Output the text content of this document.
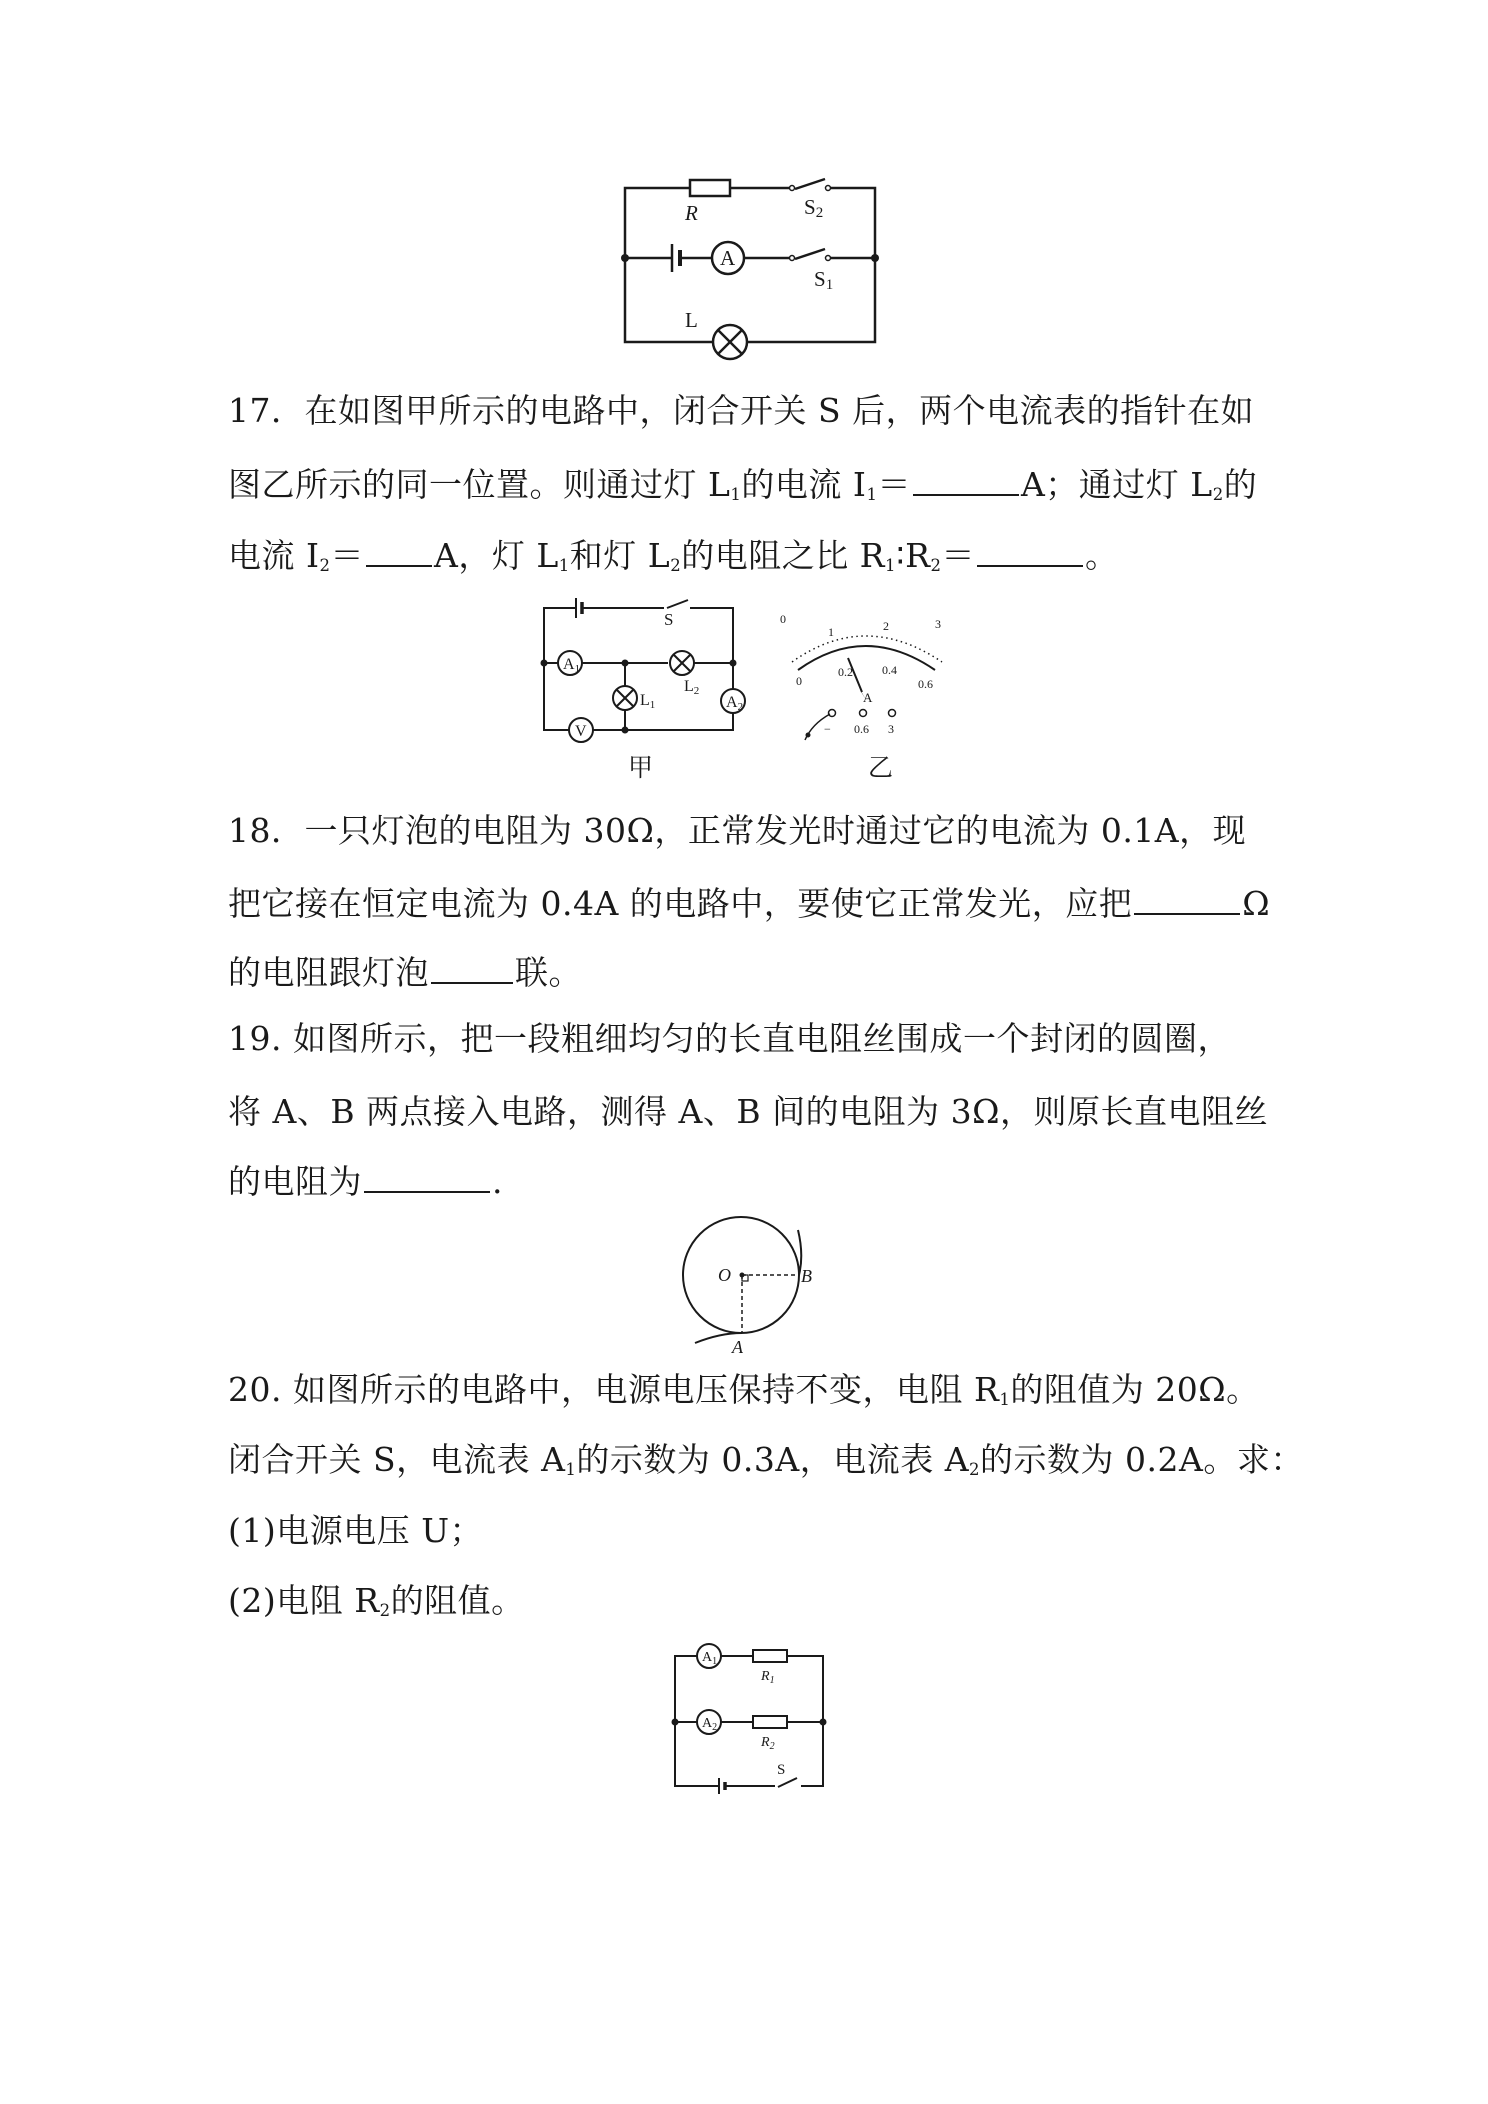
R	S2
A
S1
L
17．在如图甲所示的电路中，闭合开关 S 后，两个电流表的指针在如
图乙所示的同一位置。则通过灯 $L_1$的电流 $I_1=$	A；通过灯 $L_2$的
电流 $I_2= A$，灯 $L_1$和灯 $L_2$的电阻之比 $R_1∶R_2=$	。
S
A1
L1
L2
A2
V
甲
0
1	2	3
0
0.2 0.4
0.6
A
− 0.6 3
乙
18．一只灯泡的电阻为 30Ω，正常发光时通过它的电流为 0.1A，现
把它接在恒定电流为 0.4A 的电路中，要使它正常发光，应把	Ω
的电阻跟灯泡	联。
19. 如图所示，把一段粗细均匀的长直电阻丝围成一个封闭的圆圈，
将 A、B 两点接入电路，测得 A、B 间的电阻为 3Ω，则原长直电阻丝
的电阻为	.
O	B
A
20. 如图所示的电路中，电源电压保持不变，电阻 $R_1$的阻值为 20Ω。
闭合开关 S，电流表 $A_1$的示数为 0.3A，电流表 $A_2$的示数为 0.2A。求：
(1)电源电压 U；
(2)电阻 $R_2$的阻值。
$A_1$
$R_1$
$A_2$
$R_2$
S
